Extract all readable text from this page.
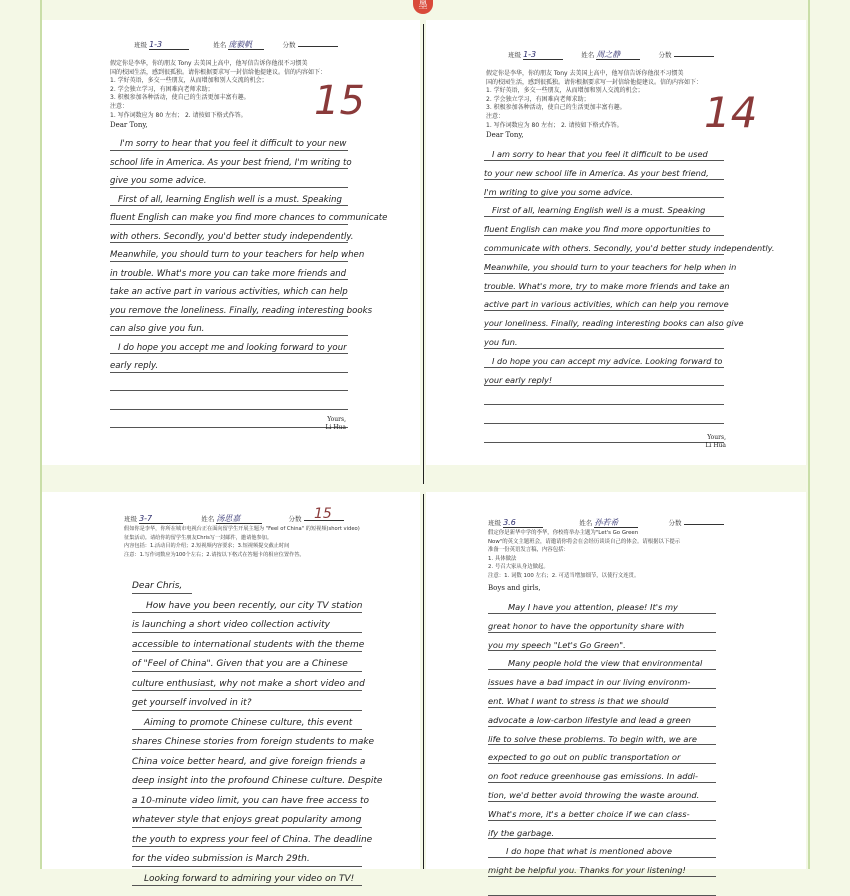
墨
班级 1-3	姓名 庞毅帆	分数
假定你是李华，你的朋友 Tony 去美国上高中，他写信告诉你他很不习惯美
国的校园生活，感到很孤独。请你根据要求写一封信给他提建议。信的内容如下：
1. 学好英语，多交一些朋友，从而增加和别人交流的机会；
2. 学会独立学习，有困难向老师求助；
3. 积极参加各种活动，使自己的生活更加丰富有趣。
注意：
1. 写作词数应为 80 左右； 2. 请按如下格式作答。
Dear Tony,
15
I'm sorry to hear that you feel it difficult to your new
school life in America. As your best friend, I'm writing to
give you some advice.
First of all, learning English well is a must. Speaking
fluent English can make you find more chances to communicate
with others. Secondly, you'd better study independently.
Meanwhile, you should turn to your teachers for help when
in trouble. What's more you can take more friends and
take an active part in various activities, which can help
you remove the loneliness. Finally, reading interesting books
can also give you fun.
I do hope you accept me and looking forward to your
early reply.
Yours,
Li Hua
班级 1-3	姓名 周之静	分数
假定你是李华，你的朋友 Tony 去美国上高中，他写信告诉你他很不习惯美
国的校园生活，感到很孤独。请你根据要求写一封信给他提建议。信的内容如下：
1. 学好英语，多交一些朋友，从而增加和别人交流的机会；
2. 学会独立学习，有困难向老师求助；
3. 积极参加各种活动，使自己的生活更加丰富有趣。
注意：
1. 写作词数应为 80 左右； 2. 请按如下格式作答。
Dear Tony,	14
I am sorry to hear that you feel it difficult to be used
to your new school life in America. As your best friend,
I'm writing to give you some advice.
First of all, learning English well is a must. Speaking
fluent English can make you find more opportunities to
communicate with others. Secondly, you'd better study independently.
Meanwhile, you should turn to your teachers for help when in
trouble. What's more, try to make more friends and take an
active part in various activities, which can help you remove
your loneliness. Finally, reading interesting books can also give
you fun.
I do hope you can accept my advice. Looking forward to
your early reply!
Yours,
Li Hua
班级 3-7	姓名 汤思嘉	分数 15
假如你是李华，你所在城市电视台正在面向留学生开展主题为 "Feel of China" 的短视频(short video)
征集活动。请给你的留学生朋友Chris写一封邮件，邀请他参加。
内容包括：1.活动目的介绍；2.短视频内容要求；3.短视频提交截止时间
注意：1.写作词数应为100个左右；2.请按以下格式在答题卡的相应位置作答。
Dear Chris,
How have you been recently, our city TV station
is launching a short video collection activity
accessible to international students with the theme
of "Feel of China". Given that you are a Chinese
culture enthusiast, why not make a short video and
get yourself involved in it?
Aiming to promote Chinese culture, this event
shares Chinese stories from foreign students to make
China voice better heard, and give foreign friends a
deep insight into the profound Chinese culture. Despite
a 10-minute video limit, you can have free access to
whatever style that enjoys great popularity among
the youth to express your feel of China. The deadline
for the video submission is March 29th.
Looking forward to admiring your video on TV!
班级 3.6	姓名 孙若希	分数
假定你是新华中学的李华，你校将举办主题为"Let's Go Green
Now"的英文主题班会，请邀请你将会在会经历谈谈自己的体会。请根据以下提示
准备一份英语发言稿，内容包括：
1. 具体做法
2. 号召大家从身边做起。
注意：1. 词数 100 左右；2. 可适当增加细节，以使行文连贯。
Boys and girls,
May I have you attention, please! It's my
great honor to have the opportunity share with
you my speech "Let's Go Green".
Many people hold the view that environmental
issues have a bad impact in our living environm-
ent. What I want to stress is that we should
advocate a low-carbon lifestyle and lead a green
life to solve these problems. To begin with, we are
expected to go out on public transportation or
on foot reduce greenhouse gas emissions. In addi-
tion, we'd better avoid throwing the waste around.
What's more, it's a better choice if we can class-
ify the garbage.
I do hope that what is mentioned above
might be helpful you. Thanks for your listening!
